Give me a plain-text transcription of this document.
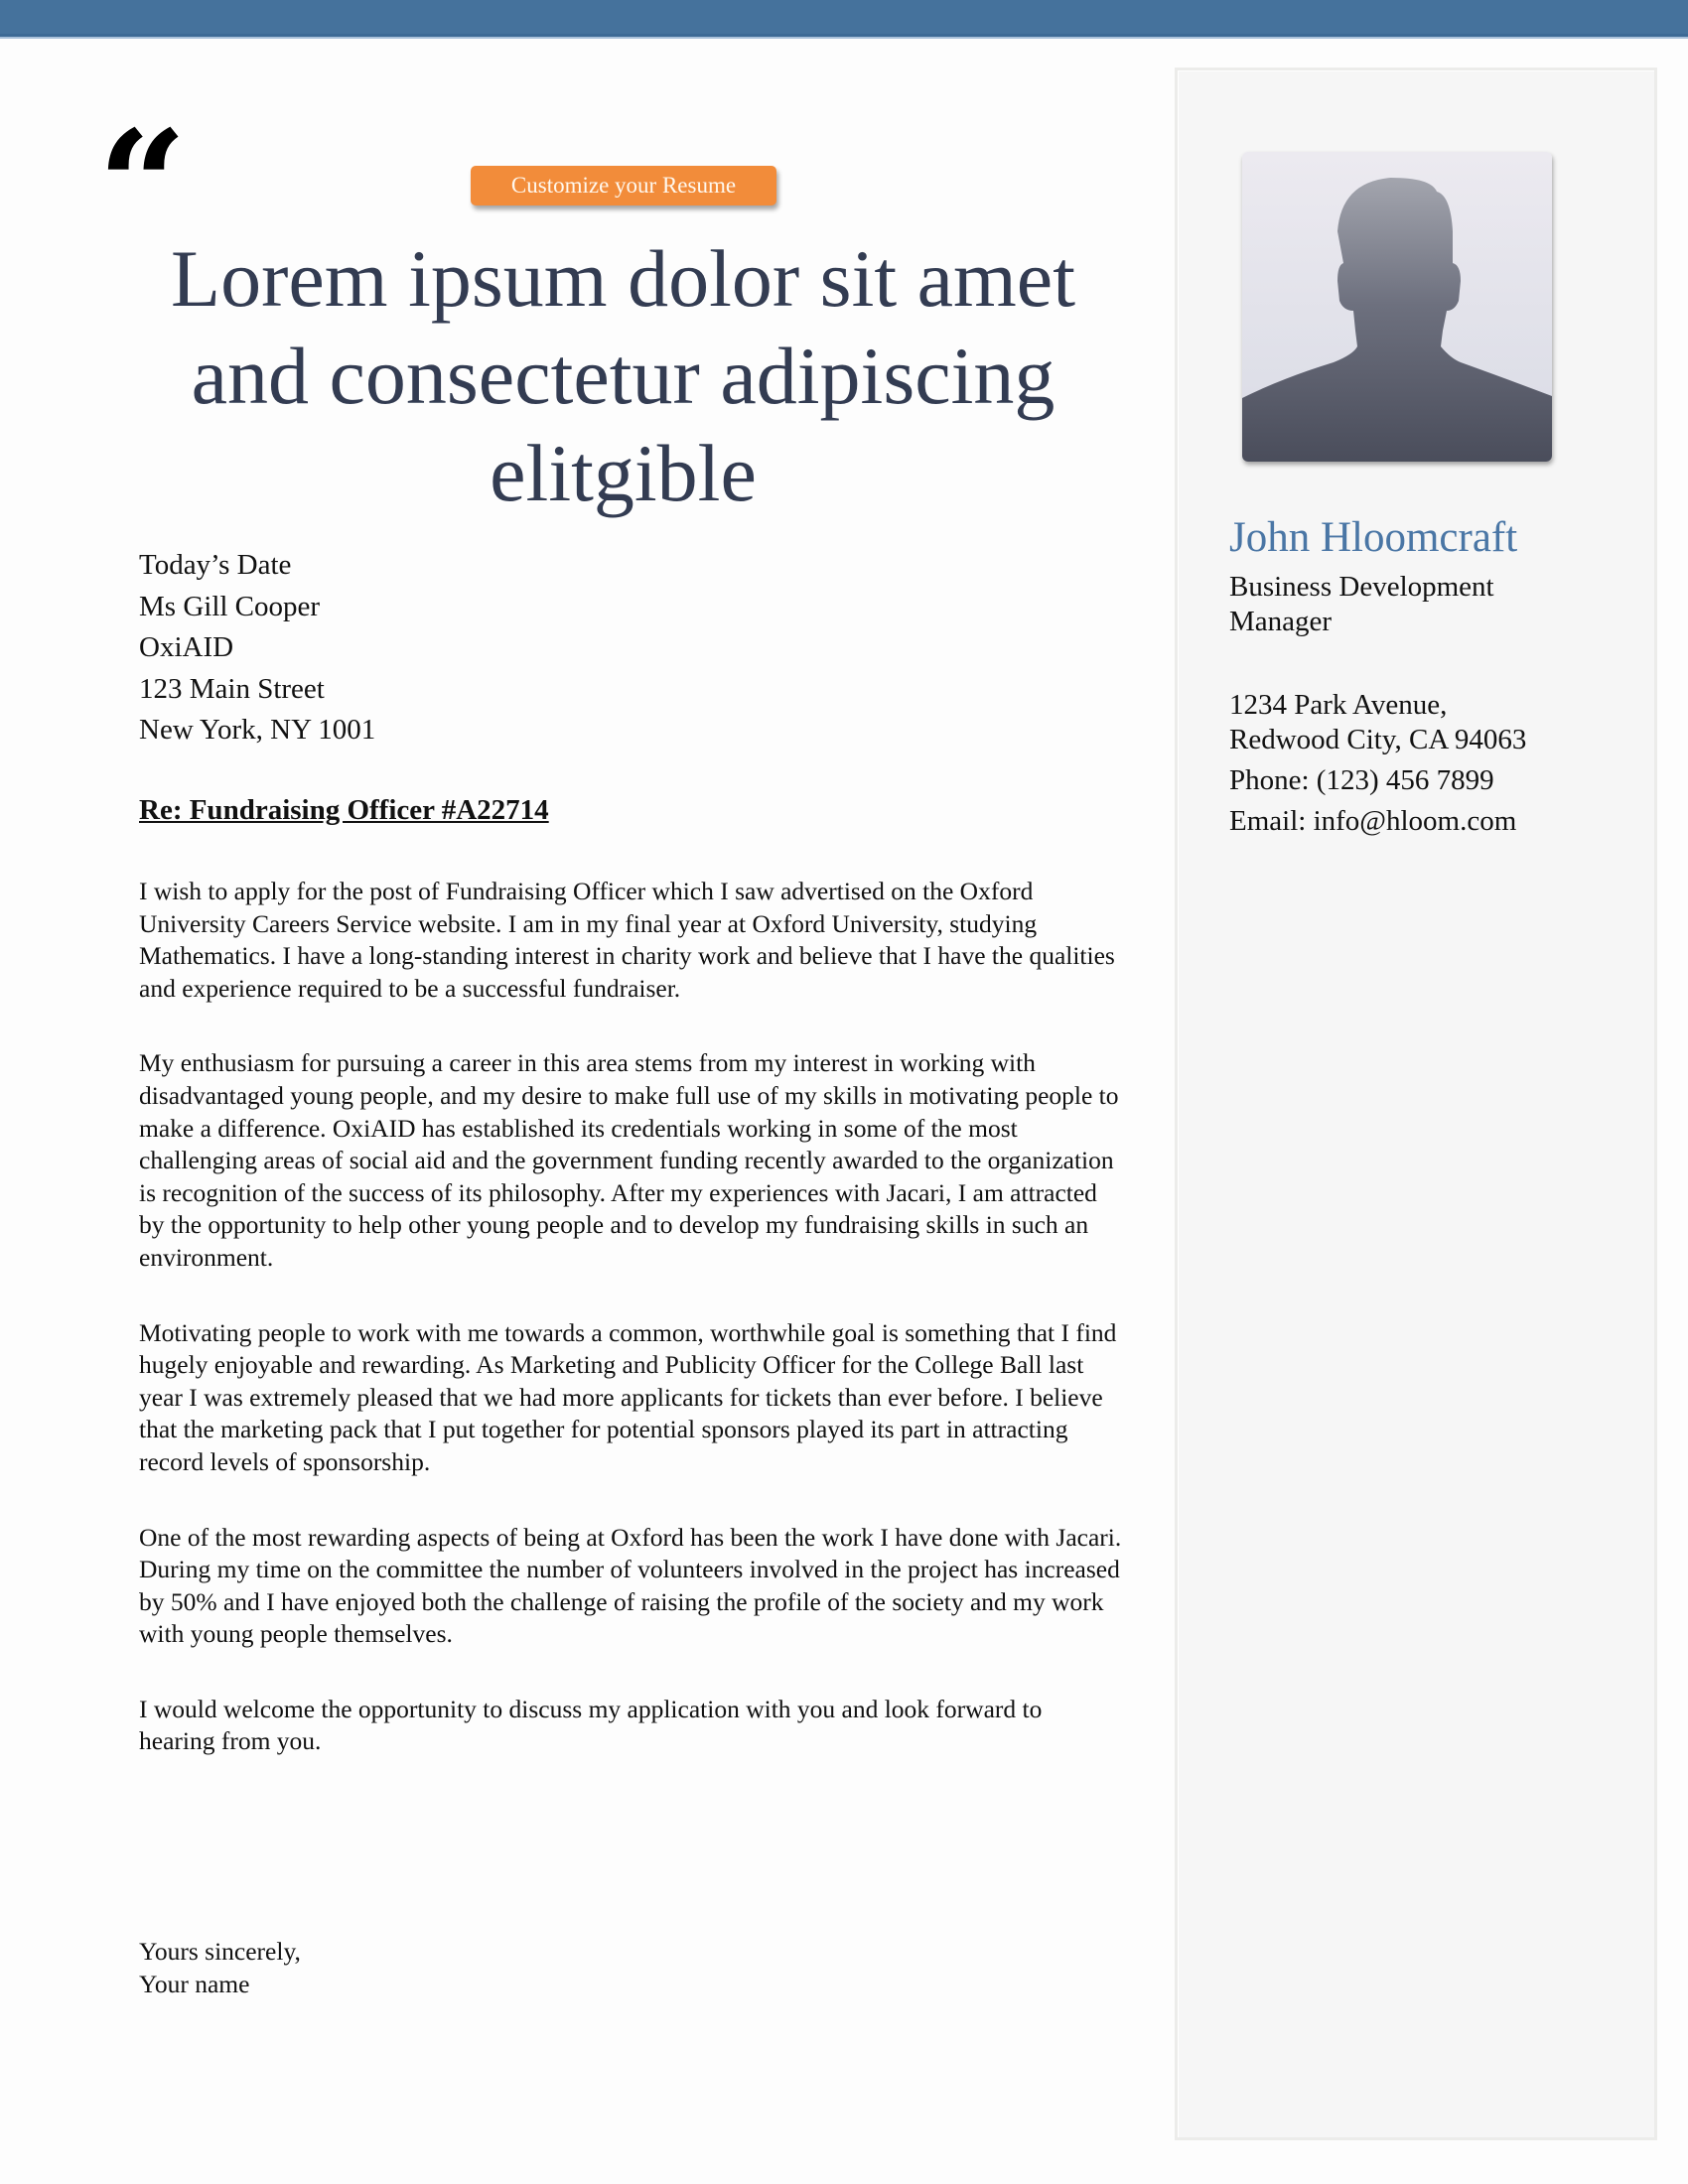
“	Customize your Resume
Lorem ipsum dolor sit amet and consectetur adipiscing elitgible
Today’s Date
Ms Gill Cooper
OxiAID
123 Main Street
New York, NY 1001
Re: Fundraising Officer #A22714

I wish to apply for the post of Fundraising Officer which I saw advertised on the Oxford University Careers Service website. I am in my final year at Oxford University, studying Mathematics. I have a long-standing interest in charity work and believe that I have the qualities and experience required to be a successful fundraiser.

My enthusiasm for pursuing a career in this area stems from my interest in working with disadvantaged young people, and my desire to make full use of my skills in motivating people to make a difference. OxiAID has established its credentials working in some of the most challenging areas of social aid and the government funding recently awarded to the organization is recognition of the success of its philosophy. After my experiences with Jacari, I am attracted by the opportunity to help other young people and to develop my fundraising skills in such an environment.

Motivating people to work with me towards a common, worthwhile goal is something that I find hugely enjoyable and rewarding. As Marketing and Publicity Officer for the College Ball last year I was extremely pleased that we had more applicants for tickets than ever before. I believe that the marketing pack that I put together for potential sponsors played its part in attracting record levels of sponsorship.

One of the most rewarding aspects of being at Oxford has been the work I have done with Jacari. During my time on the committee the number of volunteers involved in the project has increased by 50% and I have enjoyed both the challenge of raising the profile of the society and my work with young people themselves.

I would welcome the opportunity to discuss my application with you and look forward to hearing from you.

Yours sincerely,
Your name
John Hloomcraft
Business Development Manager
1234 Park Avenue, Redwood City, CA 94063
Phone: (123) 456 7899
Email: info@hloom.com
